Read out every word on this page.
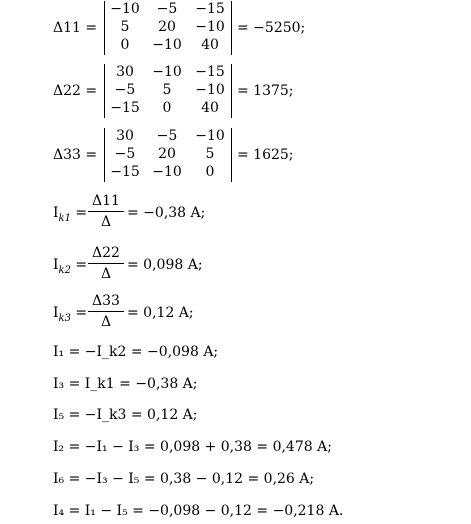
Δ11 =
−10	−5	−15
5	20	−10
0	−10	40
= −5250;
Δ22 =
30	−10 −15
−5	5	−10
−15	0	40
= 1375;
Δ33 =
30	−5	−10
−5	20	5
−15 −10	0
= 1625;
$I_{k1}$ =
Δ11
Δ
= −0,38 A;
$I_{k2}$ =
Δ22
Δ
= 0,098 A;
$I_{k3}$ =
Δ33
Δ
= 0,12 A;
I₁ = −I_k2 = −0,098 A;
I₃ = I_k1 = −0,38 A;
I₅ = −I_k3 = 0,12 A;
I₂ = −I₁ − I₃ = 0,098 + 0,38 = 0,478 A;
I₆ = −I₃ − I₅ = 0,38 − 0,12 = 0,26 A;
I₄ = I₁ − I₅ = −0,098 − 0,12 = −0,218 A.
